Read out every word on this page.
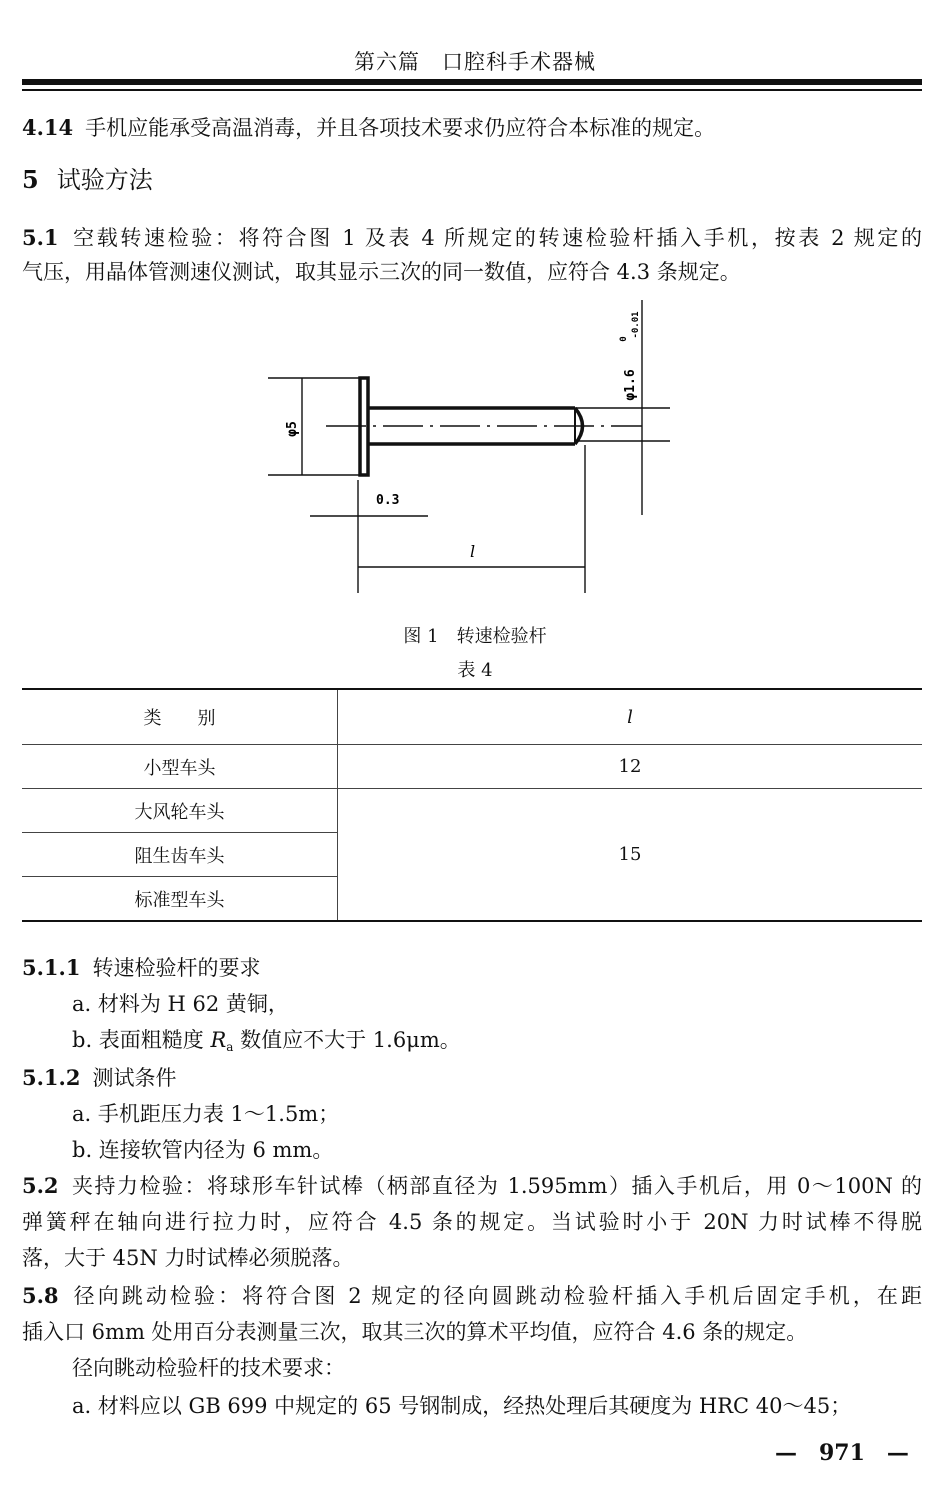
第六篇　口腔科手术器械
4.14 手机应能承受高温消毒，并且各项技术要求仍应符合本标准的规定。
5 试验方法
5.1 空载转速检验：将符合图 1 及表 4 所规定的转速检验杆插入手机，按表 2 规定的
气压，用晶体管测速仪测试，取其显示三次的同一数值，应符合 4.3 条规定。
φ5
φ1.6
0
-0.01
0.3
l
图 1　转速检验杆
表 4
类　　别	l
小型车头	12
大风轮车头	15
阻生齿车头	
标准型车头	
5.1.1 转速检验杆的要求
a. 材料为 H 62 黄铜，
b. 表面粗糙度 $R_a$ 数值应不大于 1.6μm。
5.1.2 测试条件
a. 手机距压力表 1～1.5m；
b. 连接软管内径为 6 mm。
5.2 夹持力检验：将球形车针试棒（柄部直径为 1.595mm）插入手机后，用 0～100N 的
弹簧秤在轴向进行拉力时，应符合 4.5 条的规定。当试验时小于 20N 力时试棒不得脱
落，大于 45N 力时试棒必须脱落。
5.8 径向跳动检验：将符合图 2 规定的径向圆跳动检验杆插入手机后固定手机，在距
插入口 6mm 处用百分表测量三次，取其三次的算术平均值，应符合 4.6 条的规定。
径向眺动检验杆的技术要求：
a. 材料应以 GB 699 中规定的 65 号钢制成，经热处理后其硬度为 HRC 40～45；
—　971　—
